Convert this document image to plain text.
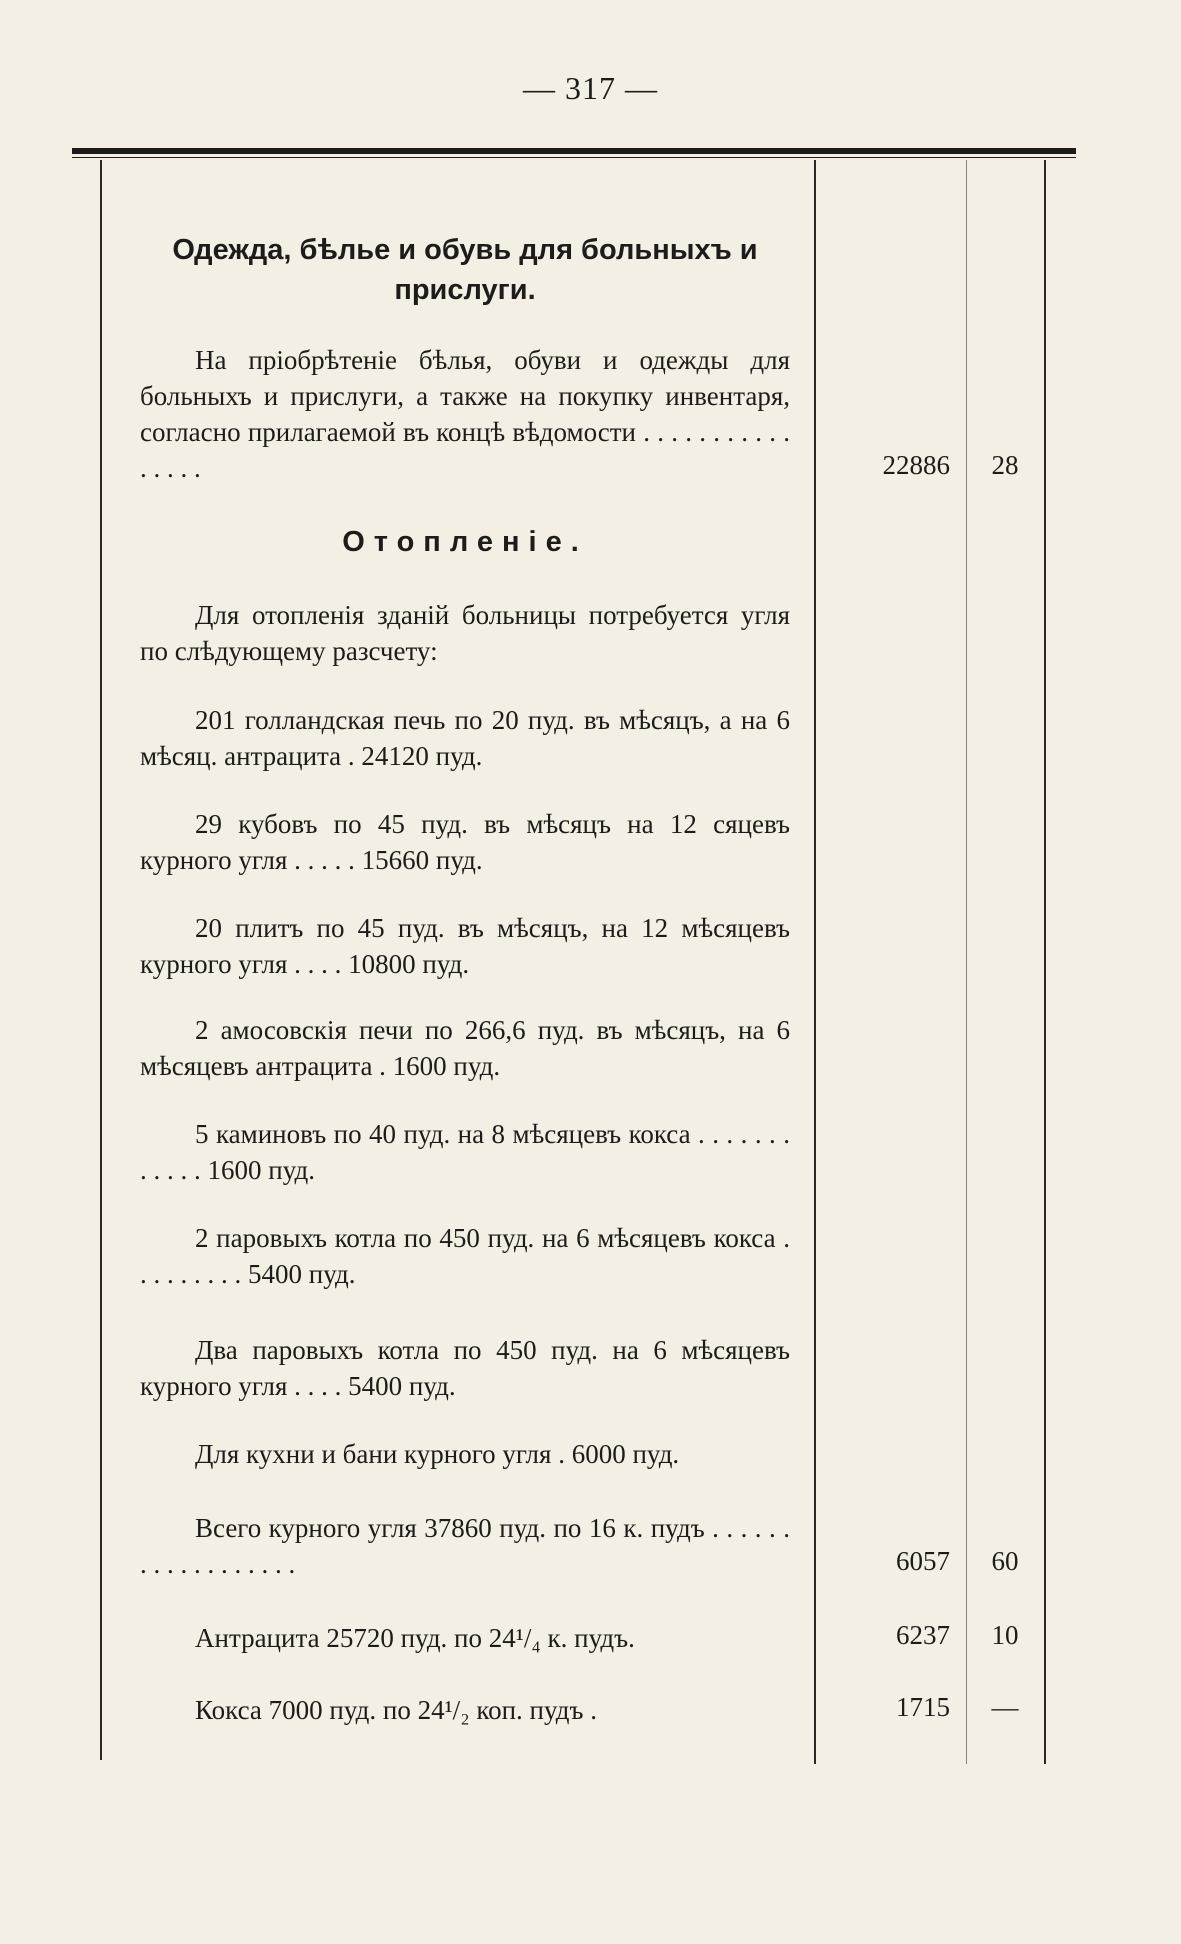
— 317 —
Одежда, бѣлье и обувь для больныхъ и прислуги.
На пріобрѣтеніе бѣлья, обуви и одежды для больныхъ и прислуги, а также на покупку инвентаря, согласно прилагаемой въ концѣ вѣдомости . . . . . . . . . . . . . . . .	22886	28
Отопленіе.
Для отопленія зданій больницы потребуется угля по слѣдующему разсчету:
201 голландская печь по 20 пуд. въ мѣсяцъ, а на 6 мѣсяц. антрацита . 24120 пуд.
29 кубовъ по 45 пуд. въ мѣсяцъ на 12 сяцевъ курного угля . . . . . 15660 пуд.
20 плитъ по 45 пуд. въ мѣсяцъ, на 12 мѣсяцевъ курного угля . . . . 10800 пуд.
2 амосовскія печи по 266,6 пуд. въ мѣсяцъ, на 6 мѣсяцевъ антрацита . 1600 пуд.
5 каминовъ по 40 пуд. на 8 мѣсяцевъ кокса . . . . . . . . . . . . 1600 пуд.
2 паровыхъ котла по 450 пуд. на 6 мѣсяцевъ кокса . . . . . . . . . 5400 пуд.
Два паровыхъ котла по 450 пуд. на 6 мѣсяцевъ курного угля . . . . 5400 пуд.
Для кухни и бани курного угля . 6000 пуд.
Всего курного угля 37860 пуд. по 16 к. пудъ . . . . . . . . . . . . . . . . . .	6057	60
Антрацита 25720 пуд. по 24¹/₄ к. пудъ.	6237	10
Кокса 7000 пуд. по 24¹/₂ коп. пудъ .	1715	—
